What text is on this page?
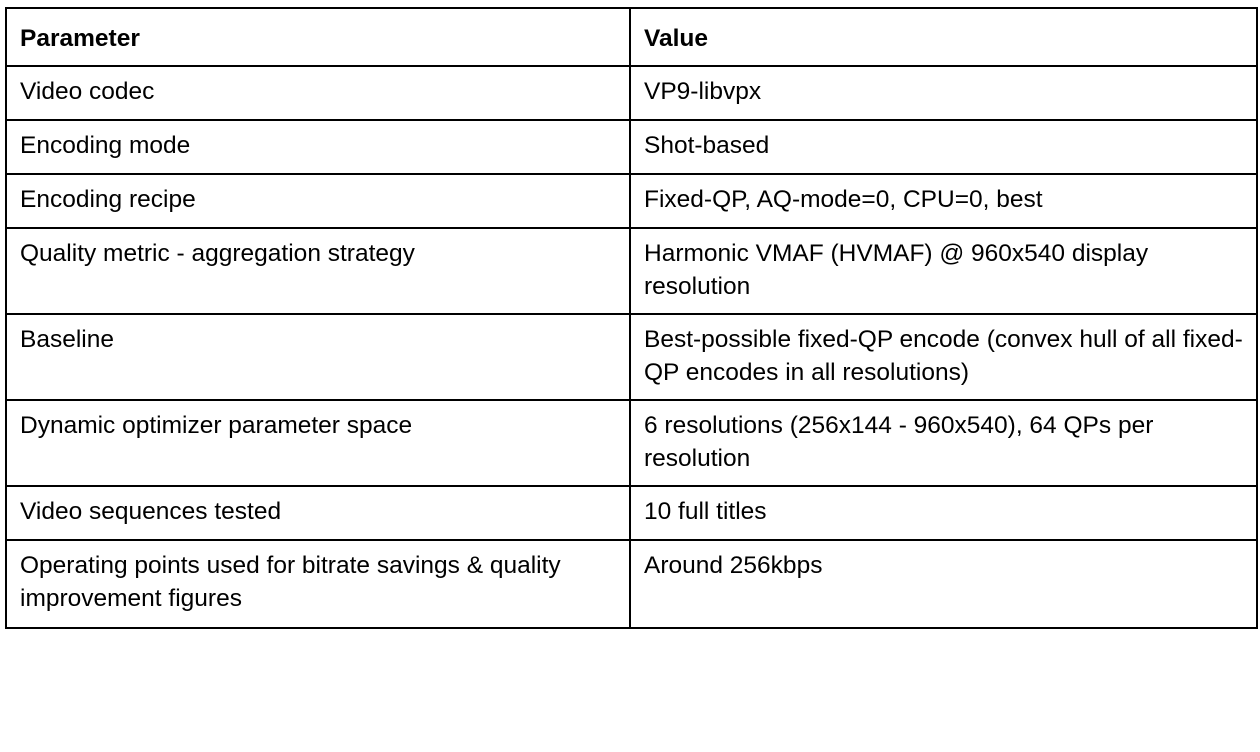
Parameter	Value
Video codec	VP9-libvpx
Encoding mode	Shot-based
Encoding recipe	Fixed-QP, AQ-mode=0, CPU=0, best
Quality metric - aggregation strategy	Harmonic VMAF (HVMAF) @ 960x540 display resolution
Baseline	Best-possible fixed-QP encode (convex hull of all fixed-QP encodes in all resolutions)
Dynamic optimizer parameter space	6 resolutions (256x144 - 960x540), 64 QPs per resolution
Video sequences tested	10 full titles
Operating points used for bitrate savings & quality improvement figures	Around 256kbps
